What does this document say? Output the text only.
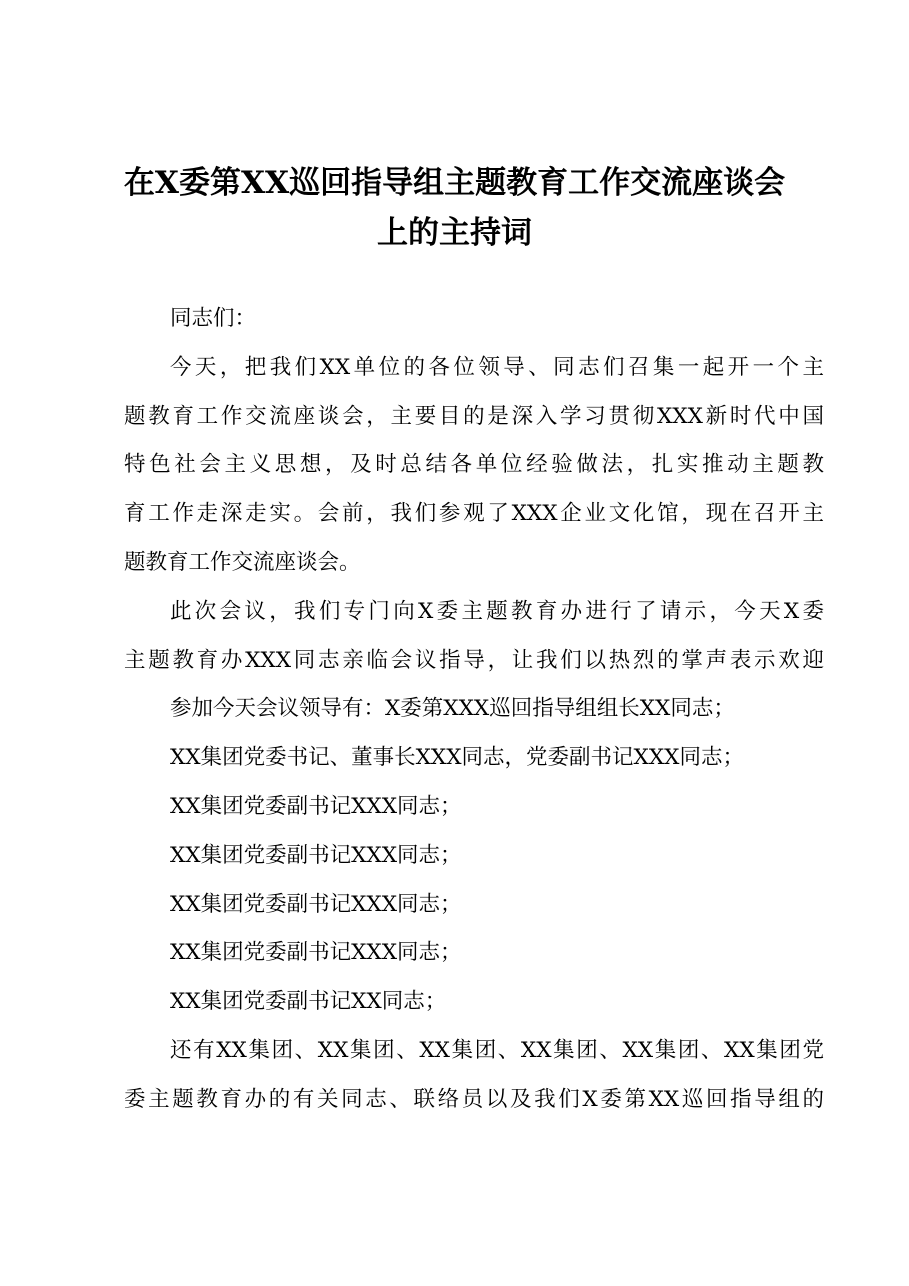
在X委第XX巡回指导组主题教育工作交流座谈会
上的主持词

同志们：

今天，把我们XX单位的各位领导、同志们召集一起开一个主
题教育工作交流座谈会，主要目的是深入学习贯彻XXX新时代中国
特色社会主义思想，及时总结各单位经验做法，扎实推动主题教
育工作走深走实。会前，我们参观了XXX企业文化馆，现在召开主
题教育工作交流座谈会。

此次会议，我们专门向X委主题教育办进行了请示，今天X委
主题教育办XXX同志亲临会议指导，让我们以热烈的掌声表示欢迎

参加今天会议领导有：X委第XXX巡回指导组组长XX同志；

XX集团党委书记、董事长XXX同志，党委副书记XXX同志；

XX集团党委副书记XXX同志；

XX集团党委副书记XXX同志；

XX集团党委副书记XXX同志；

XX集团党委副书记XXX同志；

XX集团党委副书记XX同志；

还有XX集团、XX集团、XX集团、XX集团、XX集团、XX集团党
委主题教育办的有关同志、联络员以及我们X委第XX巡回指导组的
